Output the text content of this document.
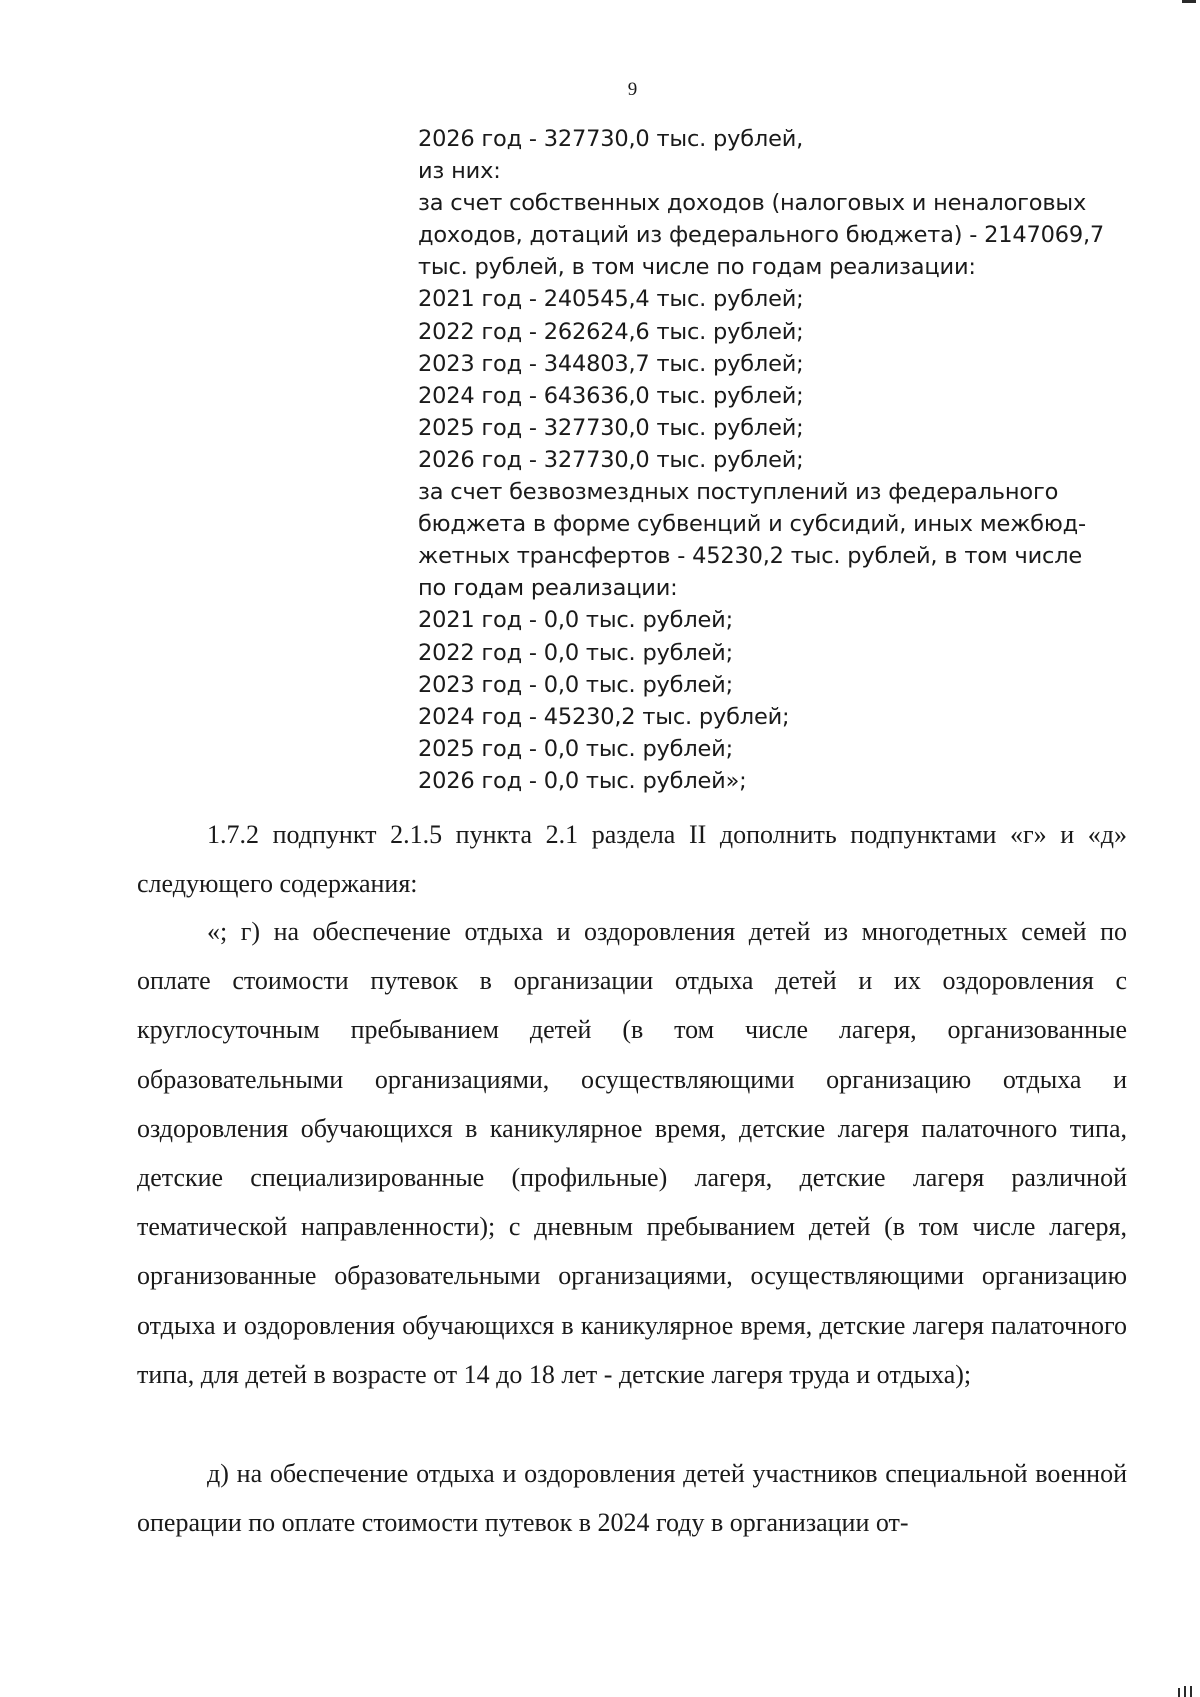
9
2026 год - 327730,0 тыс. рублей,
из них:
за счет собственных доходов (налоговых и неналоговых
доходов, дотаций из федерального бюджета) - 2147069,7
тыс. рублей, в том числе по годам реализации:
2021 год - 240545,4 тыс. рублей;
2022 год - 262624,6 тыс. рублей;
2023 год - 344803,7 тыс. рублей;
2024 год - 643636,0 тыс. рублей;
2025 год - 327730,0 тыс. рублей;
2026 год - 327730,0 тыс. рублей;
за счет безвозмездных поступлений из федерального
бюджета в форме субвенций и субсидий, иных межбюд-
жетных трансфертов - 45230,2 тыс. рублей, в том числе
по годам реализации:
2021 год - 0,0 тыс. рублей;
2022 год - 0,0 тыс. рублей;
2023 год - 0,0 тыс. рублей;
2024 год - 45230,2 тыс. рублей;
2025 год - 0,0 тыс. рублей;
2026 год - 0,0 тыс. рублей»;

1.7.2 подпункт 2.1.5 пункта 2.1 раздела II дополнить подпунктами «г» и «д» следующего содержания:

«; г) на обеспечение отдыха и оздоровления детей из многодетных семей по оплате стоимости путевок в организации отдыха детей и их оздоровления с круглосуточным пребыванием детей (в том числе лагеря, организованные образовательными организациями, осуществляющими организацию отдыха и оздоровления обучающихся в каникулярное время, детские лагеря палаточного типа, детские специализированные (профильные) лагеря, детские лагеря различной тематической направленности); с дневным пребыванием детей (в том числе лагеря, организованные образовательными организациями, осуществляющими организацию отдыха и оздоровления обучающихся в каникулярное время, детские лагеря палаточного типа, для детей в возрасте от 14 до 18 лет - детские лагеря труда и отдыха);

д) на обеспечение отдыха и оздоровления детей участников специальной военной операции по оплате стоимости путевок в 2024 году в организации от-
